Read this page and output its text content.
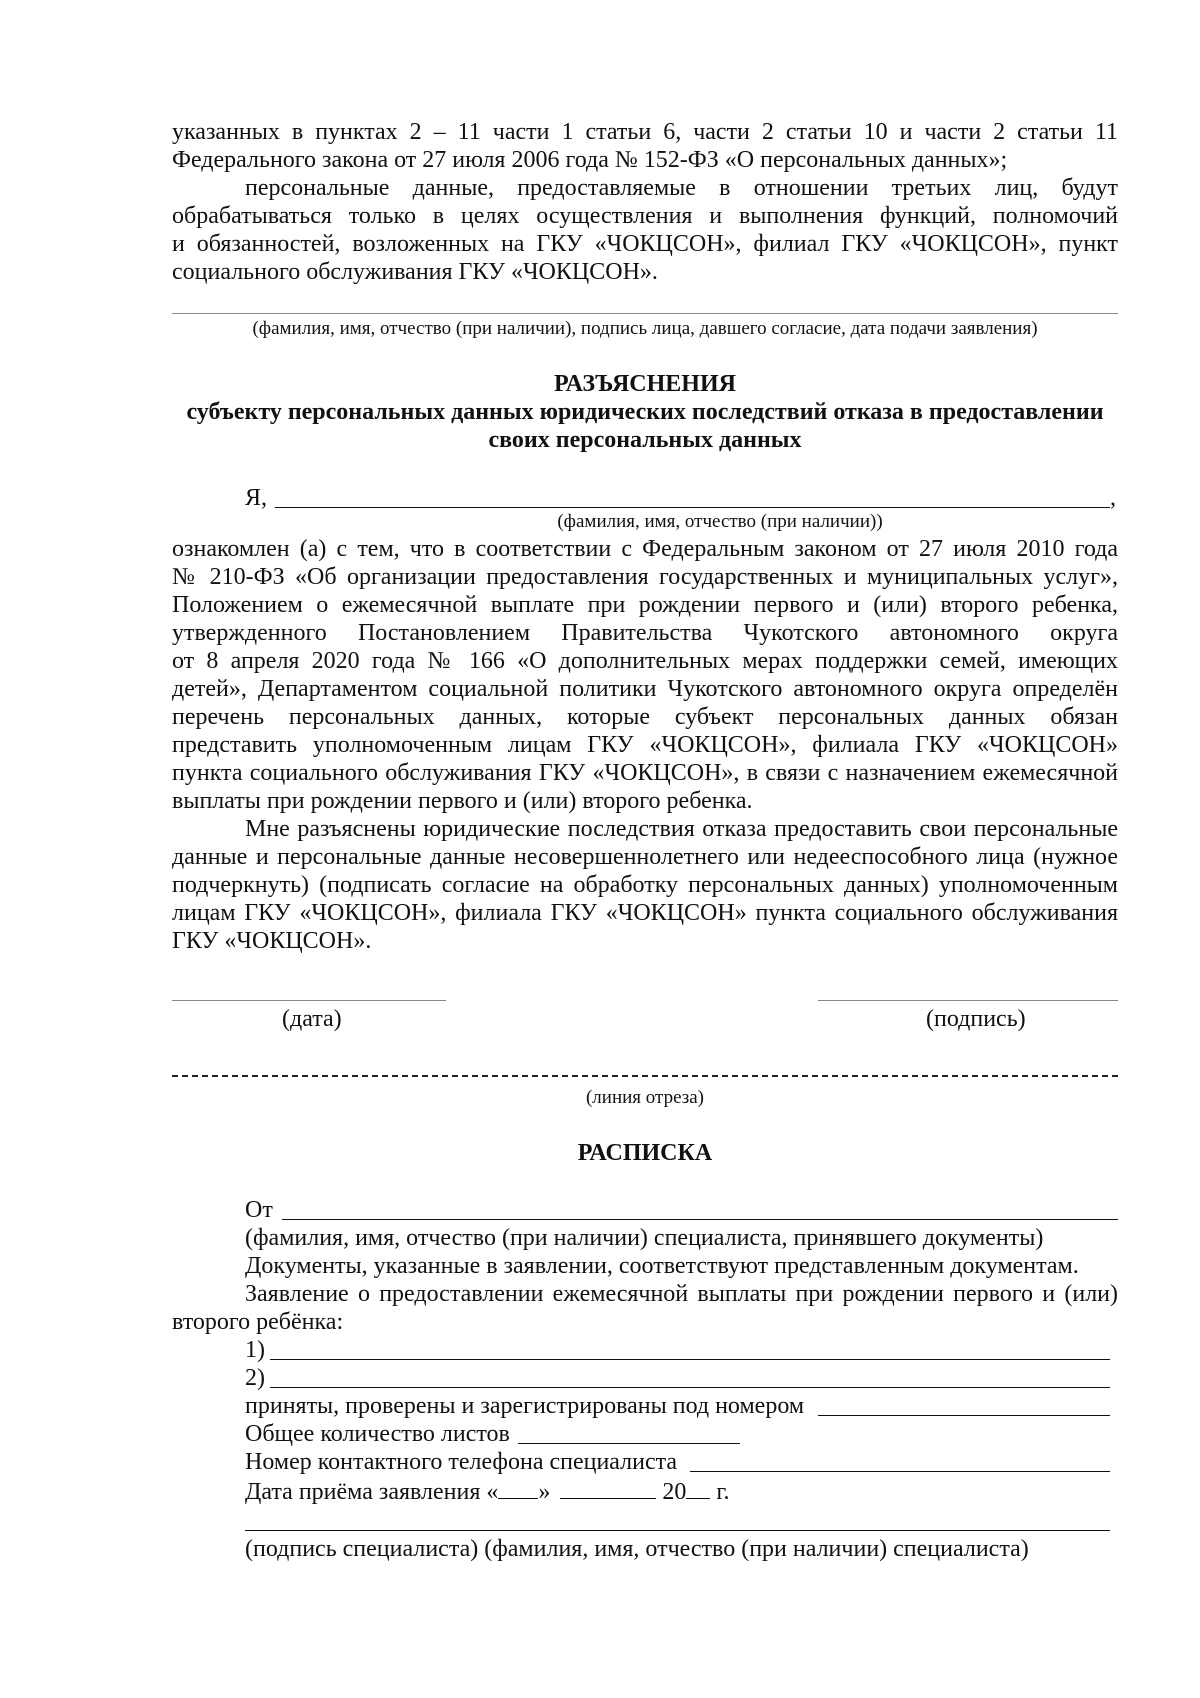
указанных в пунктах 2 – 11 части 1 статьи 6, части 2 статьи 10 и части 2 статьи 11
Федерального закона от 27 июля 2006 года № 152-ФЗ «О персональных данных»;
персональные данные, предоставляемые в отношении третьих лиц, будут
обрабатываться только в целях осуществления и выполнения функций, полномочий
и обязанностей, возложенных на ГКУ «ЧОКЦСОН», филиал ГКУ «ЧОКЦСОН», пункт
социального обслуживания ГКУ «ЧОКЦСОН».
(фамилия, имя, отчество (при наличии), подпись лица, давшего согласие, дата подачи заявления)
РАЗЪЯСНЕНИЯ
субъекту персональных данных юридических последствий отказа в предоставлении
своих персональных данных
Я,	,
(фамилия, имя, отчество (при наличии))
ознакомлен (а) с тем, что в соответствии с Федеральным законом от 27 июля 2010 года
№ 210-ФЗ «Об организации предоставления государственных и муниципальных услуг»,
Положением о ежемесячной выплате при рождении первого и (или) второго ребенка,
утвержденного Постановлением Правительства Чукотского автономного округа
от 8 апреля 2020 года № 166 «О дополнительных мерах поддержки семей, имеющих
детей», Департаментом социальной политики Чукотского автономного округа определён
перечень персональных данных, которые субъект персональных данных обязан
представить уполномоченным лицам ГКУ «ЧОКЦСОН», филиала ГКУ «ЧОКЦСОН»
пункта социального обслуживания ГКУ «ЧОКЦСОН», в связи с назначением ежемесячной
выплаты при рождении первого и (или) второго ребенка.
Мне разъяснены юридические последствия отказа предоставить свои персональные
данные и персональные данные несовершеннолетнего или недееспособного лица (нужное
подчеркнуть) (подписать согласие на обработку персональных данных) уполномоченным
лицам ГКУ «ЧОКЦСОН», филиала ГКУ «ЧОКЦСОН» пункта социального обслуживания
ГКУ «ЧОКЦСОН».
(дата)	(подпись)
(линия отреза)
РАСПИСКА
От
(фамилия, имя, отчество (при наличии) специалиста, принявшего документы)
Документы, указанные в заявлении, соответствуют представленным документам.
Заявление о предоставлении ежемесячной выплаты при рождении первого и (или)
второго ребёнка:
1)
2)
приняты, проверены и зарегистрированы под номером
Общее количество листов
Номер контактного телефона специалиста
Дата приёма заявления « »	20 г.
(подпись специалиста) (фамилия, имя, отчество (при наличии) специалиста)
